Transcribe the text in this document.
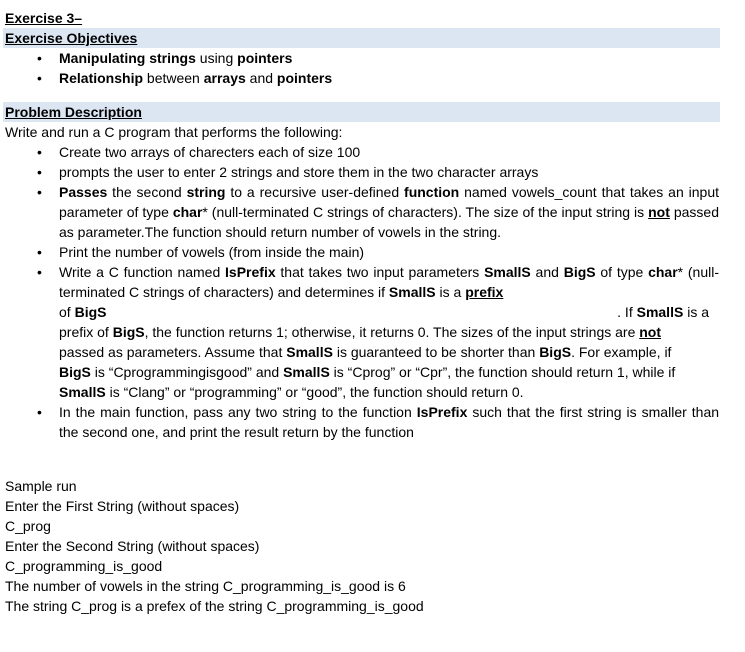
Exercise 3–
Exercise Objectives
• Manipulating strings using pointers
• Relationship between arrays and pointers
Problem Description
Write and run a C program that performs the following:
• Create two arrays of charecters each of size 100
• prompts the user to enter 2 strings and store them in the two character arrays
• Passes the second string to a recursive user-defined function named vowels_count that takes an input parameter of type char* (null-terminated C strings of characters). The size of the input string is not passed as parameter.The function should return number of vowels in the string.
• Print the number of vowels (from inside the main)
• Write a C function named IsPrefix that takes two input parameters SmallS and BigS of type char* (null-terminated C strings of characters) and determines if SmallS is a prefix
of BigS	. If SmallS is a
prefix of BigS, the function returns 1; otherwise, it returns 0. The sizes of the input strings are not passed as parameters. Assume that SmallS is guaranteed to be shorter than BigS. For example, if BigS is “Cprogrammingisgood” and SmallS is “Cprog” or “Cpr”, the function should return 1, while if SmallS is “Clang” or “programming” or “good”, the function should return 0.
• In the main function, pass any two string to the function IsPrefix such that the first string is smaller than the second one, and print the result return by the function
Sample run
Enter the First String (without spaces)
C_prog
Enter the Second String (without spaces)
C_programming_is_good
The number of vowels in the string C_programming_is_good is 6
The string C_prog is a prefex of the string C_programming_is_good
